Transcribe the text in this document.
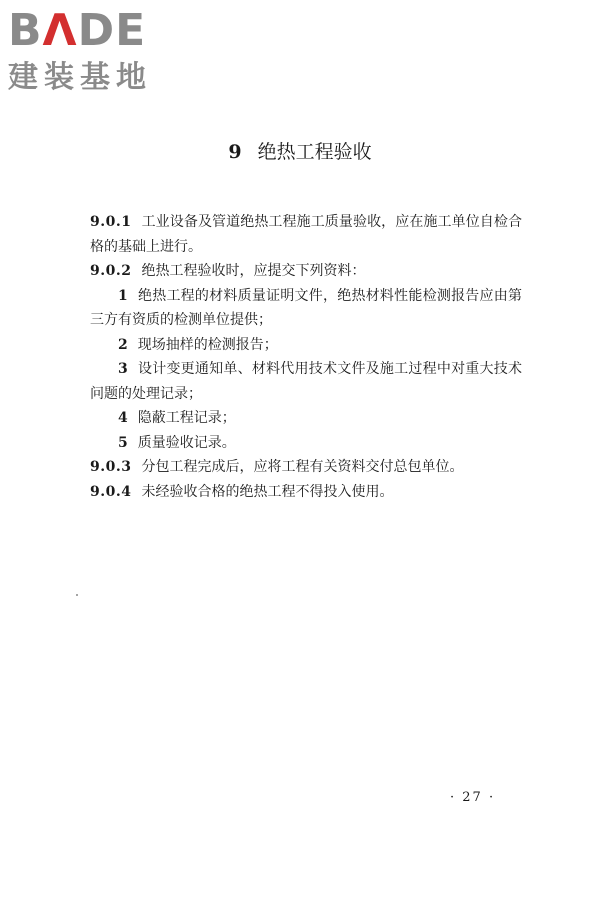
BΛDE
建装基地
9 绝热工程验收

9.0.1 工业设备及管道绝热工程施工质量验收，应在施工单位自检合格的基础上进行。

9.0.2 绝热工程验收时，应提交下列资料：

1 绝热工程的材料质量证明文件，绝热材料性能检测报告应由第三方有资质的检测单位提供；

2 现场抽样的检测报告；

3 设计变更通知单、材料代用技术文件及施工过程中对重大技术问题的处理记录；

4 隐蔽工程记录；

5 质量验收记录。

9.0.3 分包工程完成后，应将工程有关资料交付总包单位。

9.0.4 未经验收合格的绝热工程不得投入使用。

· 27 ·
